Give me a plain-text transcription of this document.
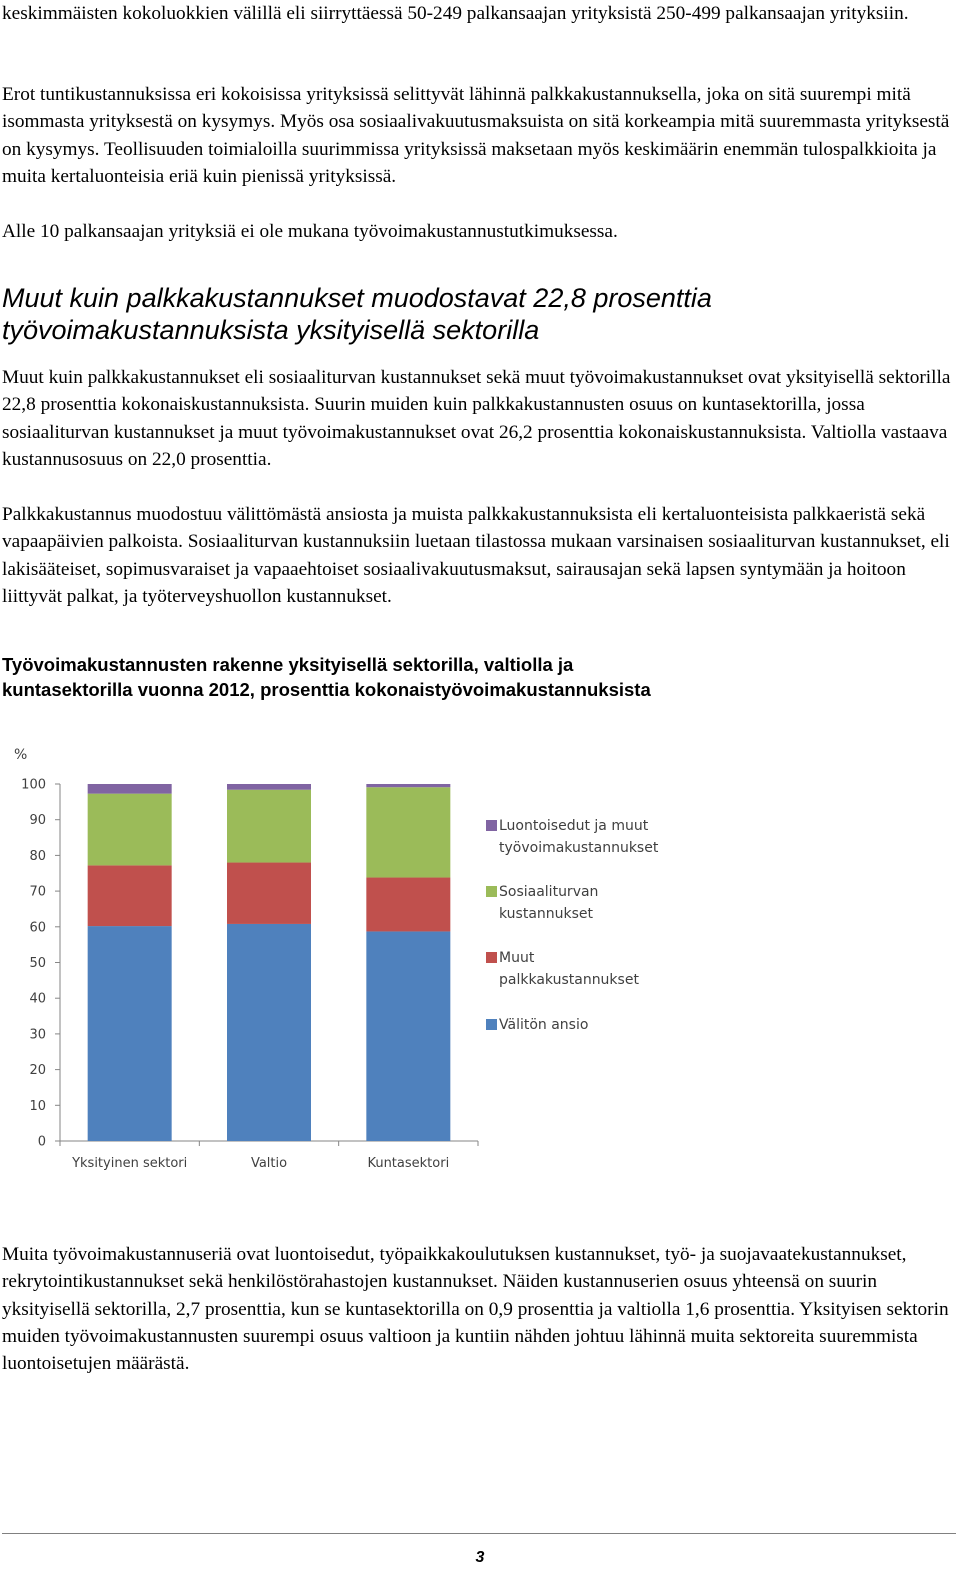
keskimmäisten kokoluokkien välillä eli siirryttäessä 50-249 palkansaajan yrityksistä 250-499 palkansaajan yrityksiin.

Erot tuntikustannuksissa eri kokoisissa yrityksissä selittyvät lähinnä palkkakustannuksella, joka on sitä suurempi mitä isommasta yrityksestä on kysymys. Myös osa sosiaalivakuutusmaksuista on sitä korkeampia mitä suuremmasta yrityksestä on kysymys. Teollisuuden toimialoilla suurimmissa yrityksissä maksetaan myös keskimäärin enemmän tulospalkkioita ja muita kertaluonteisia eriä kuin pienissä yrityksissä.

Alle 10 palkansaajan yrityksiä ei ole mukana työvoimakustannustutkimuksessa.

Muut kuin palkkakustannukset muodostavat 22,8 prosenttia työvoimakustannuksista yksityisellä sektorilla

Muut kuin palkkakustannukset eli sosiaaliturvan kustannukset sekä muut työvoimakustannukset ovat yksityisellä sektorilla 22,8 prosenttia kokonaiskustannuksista. Suurin muiden kuin palkkakustannusten osuus on kuntasektorilla, jossa sosiaaliturvan kustannukset ja muut työvoimakustannukset ovat 26,2 prosenttia kokonaiskustannuksista. Valtiolla vastaava kustannusosuus on 22,0 prosenttia.

Palkkakustannus muodostuu välittömästä ansiosta ja muista palkkakustannuksista eli kertaluonteisista palkkaeristä sekä vapaapäivien palkoista. Sosiaaliturvan kustannuksiin luetaan tilastossa mukaan varsinaisen sosiaaliturvan kustannukset, eli lakisääteiset, sopimusvaraiset ja vapaaehtoiset sosiaalivakuutusmaksut, sairausajan sekä lapsen syntymään ja hoitoon liittyvät palkat, ja työterveyshuollon kustannukset.

Työvoimakustannusten rakenne yksityisellä sektorilla, valtiolla ja kuntasektorilla vuonna 2012, prosenttia kokonaistyövoimakustannuksista
0
10
20
30
40
50
60
70
80
90
100
%
Yksityinen sektori	Valtio	Kuntasektori
Luontoisedut ja muut
työvoimakustannukset
Sosiaaliturvan
kustannukset
Muut
palkkakustannukset
Välitön ansio

Muita työvoimakustannuseriä ovat luontoisedut, työpaikkakoulutuksen kustannukset, työ- ja suojavaatekustannukset, rekrytointikustannukset sekä henkilöstörahastojen kustannukset. Näiden kustannuserien osuus yhteensä on suurin yksityisellä sektorilla, 2,7 prosenttia, kun se kuntasektorilla on 0,9 prosenttia ja valtiolla 1,6 prosenttia. Yksityisen sektorin muiden työvoimakustannusten suurempi osuus valtioon ja kuntiin nähden johtuu lähinnä muita sektoreita suuremmista luontoisetujen määrästä.

3
